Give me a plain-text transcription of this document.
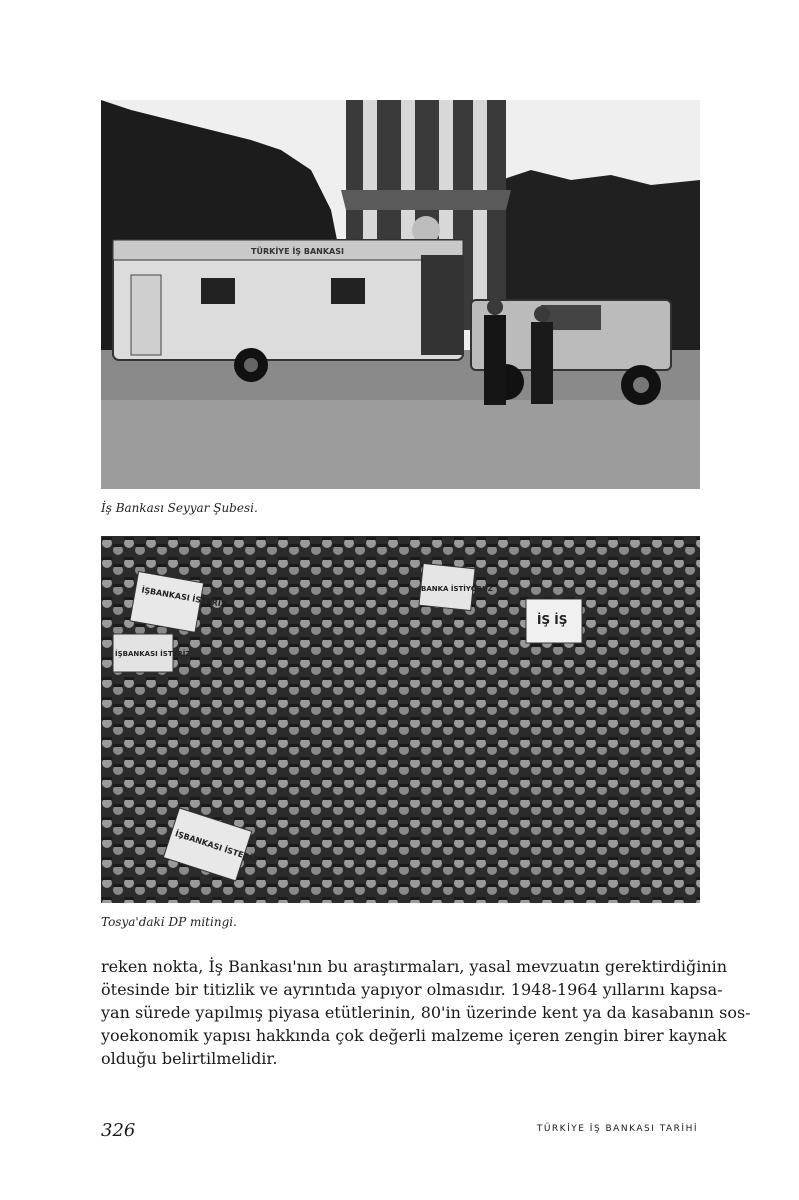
TÜRKİYE İŞ BANKASI
İş Bankası Seyyar Şubesi.
İŞBANKASI İSTERİZ
İŞBANKASI İSTERİZ
BANKA İSTİYORUZ
İŞ İŞ
İŞBANKASI İSTERİZ
Tosya'daki DP mitingi.

reken nokta, İş Bankası'nın bu araştırmaları, yasal mevzuatın gerektirdiğinin
ötesinde bir titizlik ve ayrıntıda yapıyor olmasıdır. 1948-1964 yıllarını kapsa-
yan sürede yapılmış piyasa etütlerinin, 80'in üzerinde kent ya da kasabanın sos-
yoekonomik yapısı hakkında çok değerli malzeme içeren zengin birer kaynak
olduğu belirtilmelidir.

326	TÜRKİYE İŞ BANKASI TARİHİ
